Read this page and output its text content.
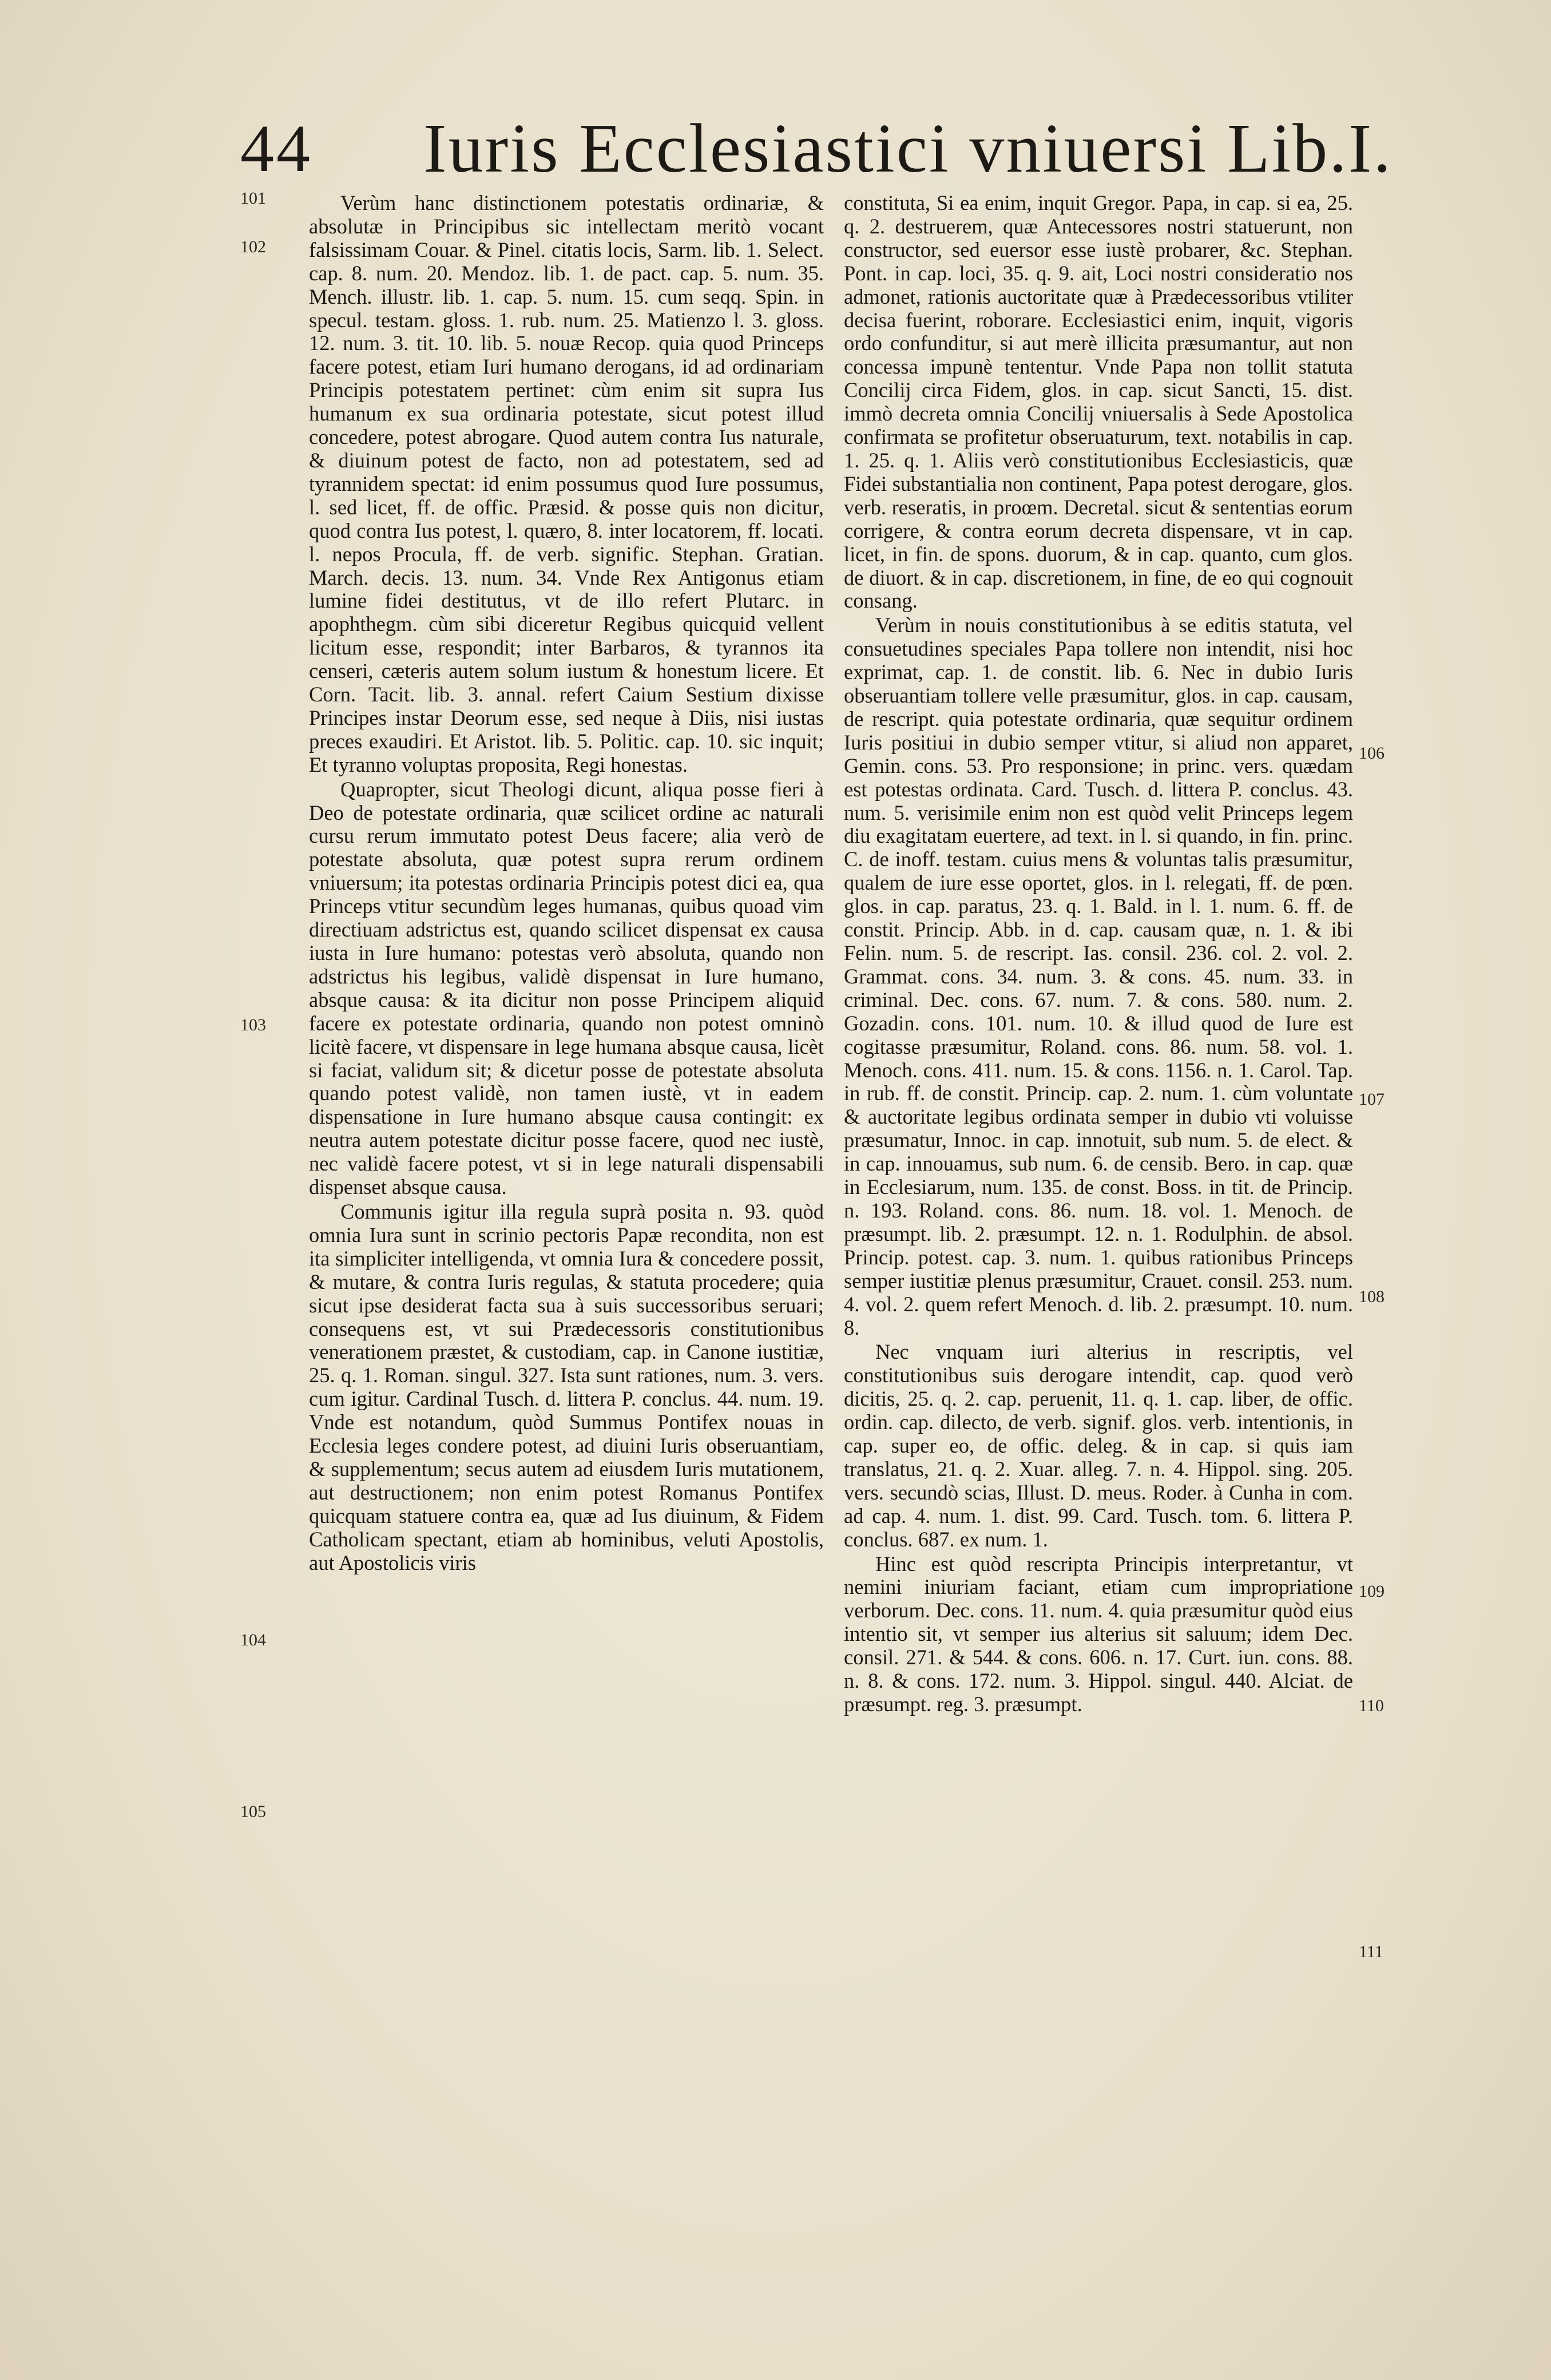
44 Iuris Ecclesiastici vniuersi Lib.I.
101
102
103
104
105
106
107
108
109
110
111

Verùm hanc distinctionem potestatis ordinariæ, & absolutæ in Principibus sic intellectam meritò vocant falsissimam Couar. & Pinel. citatis locis, Sarm. lib. 1. Select. cap. 8. num. 20. Mendoz. lib. 1. de pact. cap. 5. num. 35. Mench. illustr. lib. 1. cap. 5. num. 15. cum seqq. Spin. in specul. testam. gloss. 1. rub. num. 25. Matienzo l. 3. gloss. 12. num. 3. tit. 10. lib. 5. nouæ Recop. quia quod Princeps facere potest, etiam Iuri humano derogans, id ad ordinariam Principis potestatem pertinet: cùm enim sit supra Ius humanum ex sua ordinaria potestate, sicut potest illud concedere, potest abrogare. Quod autem contra Ius naturale, & diuinum potest de facto, non ad potestatem, sed ad tyrannidem spectat: id enim possumus quod Iure possumus, l. sed licet, ff. de offic. Præsid. & posse quis non dicitur, quod contra Ius potest, l. quæro, 8. inter locatorem, ff. locati. l. nepos Procula, ff. de verb. signific. Stephan. Gratian. March. decis. 13. num. 34. Vnde Rex Antigonus etiam lumine fidei destitutus, vt de illo refert Plutarc. in apophthegm. cùm sibi diceretur Regibus quicquid vellent licitum esse, respondit; inter Barbaros, & tyrannos ita censeri, cæteris autem solum iustum & honestum licere. Et Corn. Tacit. lib. 3. annal. refert Caium Sestium dixisse Principes instar Deorum esse, sed neque à Diis, nisi iustas preces exaudiri. Et Aristot. lib. 5. Politic. cap. 10. sic inquit; Et tyranno voluptas proposita, Regi honestas.

Quapropter, sicut Theologi dicunt, aliqua posse fieri à Deo de potestate ordinaria, quæ scilicet ordine ac naturali cursu rerum immutato potest Deus facere; alia verò de potestate absoluta, quæ potest supra rerum ordinem vniuersum; ita potestas ordinaria Principis potest dici ea, qua Princeps vtitur secundùm leges humanas, quibus quoad vim directiuam adstrictus est, quando scilicet dispensat ex causa iusta in Iure humano: potestas verò absoluta, quando non adstrictus his legibus, validè dispensat in Iure humano, absque causa: & ita dicitur non posse Principem aliquid facere ex potestate ordinaria, quando non potest omninò licitè facere, vt dispensare in lege humana absque causa, licèt si faciat, validum sit; & dicetur posse de potestate absoluta quando potest validè, non tamen iustè, vt in eadem dispensatione in Iure humano absque causa contingit: ex neutra autem potestate dicitur posse facere, quod nec iustè, nec validè facere potest, vt si in lege naturali dispensabili dispenset absque causa.

Communis igitur illa regula suprà posita n. 93. quòd omnia Iura sunt in scrinio pectoris Papæ recondita, non est ita simpliciter intelligenda, vt omnia Iura & concedere possit, & mutare, & contra Iuris regulas, & statuta procedere; quia sicut ipse desiderat facta sua à suis successoribus seruari; consequens est, vt sui Prædecessoris constitutionibus venerationem præstet, & custodiam, cap. in Canone iustitiæ, 25. q. 1. Roman. singul. 327. Ista sunt rationes, num. 3. vers. cum igitur. Cardinal Tusch. d. littera P. conclus. 44. num. 19. Vnde est notandum, quòd Summus Pontifex nouas in Ecclesia leges condere potest, ad diuini Iuris obseruantiam, & supplementum; secus autem ad eiusdem Iuris mutationem, aut destructionem; non enim potest Romanus Pontifex quicquam statuere contra ea, quæ ad Ius diuinum, & Fidem Catholicam spectant, etiam ab hominibus, veluti Apostolis, aut Apostolicis viris

constituta, Si ea enim, inquit Gregor. Papa, in cap. si ea, 25. q. 2. destruerem, quæ Antecessores nostri statuerunt, non constructor, sed euersor esse iustè probarer, &c. Stephan. Pont. in cap. loci, 35. q. 9. ait, Loci nostri consideratio nos admonet, rationis auctoritate quæ à Prædecessoribus vtiliter decisa fuerint, roborare. Ecclesiastici enim, inquit, vigoris ordo confunditur, si aut merè illicita præsumantur, aut non concessa impunè tententur. Vnde Papa non tollit statuta Concilij circa Fidem, glos. in cap. sicut Sancti, 15. dist. immò decreta omnia Concilij vniuersalis à Sede Apostolica confirmata se profitetur obseruaturum, text. notabilis in cap. 1. 25. q. 1. Aliis verò constitutionibus Ecclesiasticis, quæ Fidei substantialia non continent, Papa potest derogare, glos. verb. reseratis, in proœm. Decretal. sicut & sententias eorum corrigere, & contra eorum decreta dispensare, vt in cap. licet, in fin. de spons. duorum, & in cap. quanto, cum glos. de diuort. & in cap. discretionem, in fine, de eo qui cognouit consang.

Verùm in nouis constitutionibus à se editis statuta, vel consuetudines speciales Papa tollere non intendit, nisi hoc exprimat, cap. 1. de constit. lib. 6. Nec in dubio Iuris obseruantiam tollere velle præsumitur, glos. in cap. causam, de rescript. quia potestate ordinaria, quæ sequitur ordinem Iuris positiui in dubio semper vtitur, si aliud non apparet, Gemin. cons. 53. Pro responsione; in princ. vers. quædam est potestas ordinata. Card. Tusch. d. littera P. conclus. 43. num. 5. verisimile enim non est quòd velit Princeps legem diu exagitatam euertere, ad text. in l. si quando, in fin. princ. C. de inoff. testam. cuius mens & voluntas talis præsumitur, qualem de iure esse oportet, glos. in l. relegati, ff. de pœn. glos. in cap. paratus, 23. q. 1. Bald. in l. 1. num. 6. ff. de constit. Princip. Abb. in d. cap. causam quæ, n. 1. & ibi Felin. num. 5. de rescript. Ias. consil. 236. col. 2. vol. 2. Grammat. cons. 34. num. 3. & cons. 45. num. 33. in criminal. Dec. cons. 67. num. 7. & cons. 580. num. 2. Gozadin. cons. 101. num. 10. & illud quod de Iure est cogitasse præsumitur, Roland. cons. 86. num. 58. vol. 1. Menoch. cons. 411. num. 15. & cons. 1156. n. 1. Carol. Tap. in rub. ff. de constit. Princip. cap. 2. num. 1. cùm voluntate & auctoritate legibus ordinata semper in dubio vti voluisse præsumatur, Innoc. in cap. innotuit, sub num. 5. de elect. & in cap. innouamus, sub num. 6. de censib. Bero. in cap. quæ in Ecclesiarum, num. 135. de const. Boss. in tit. de Princip. n. 193. Roland. cons. 86. num. 18. vol. 1. Menoch. de præsumpt. lib. 2. præsumpt. 12. n. 1. Rodulphin. de absol. Princip. potest. cap. 3. num. 1. quibus rationibus Princeps semper iustitiæ plenus præsumitur, Crauet. consil. 253. num. 4. vol. 2. quem refert Menoch. d. lib. 2. præsumpt. 10. num. 8.

Nec vnquam iuri alterius in rescriptis, vel constitutionibus suis derogare intendit, cap. quod verò dicitis, 25. q. 2. cap. peruenit, 11. q. 1. cap. liber, de offic. ordin. cap. dilecto, de verb. signif. glos. verb. intentionis, in cap. super eo, de offic. deleg. & in cap. si quis iam translatus, 21. q. 2. Xuar. alleg. 7. n. 4. Hippol. sing. 205. vers. secundò scias, Illust. D. meus. Roder. à Cunha in com. ad cap. 4. num. 1. dist. 99. Card. Tusch. tom. 6. littera P. conclus. 687. ex num. 1.

Hinc est quòd rescripta Principis interpretantur, vt nemini iniuriam faciant, etiam cum impropriatione verborum. Dec. cons. 11. num. 4. quia præsumitur quòd eius intentio sit, vt semper ius alterius sit saluum; idem Dec. consil. 271. & 544. & cons. 606. n. 17. Curt. iun. cons. 88. n. 8. & cons. 172. num. 3. Hippol. singul. 440. Alciat. de præsumpt. reg. 3. præsumpt.
